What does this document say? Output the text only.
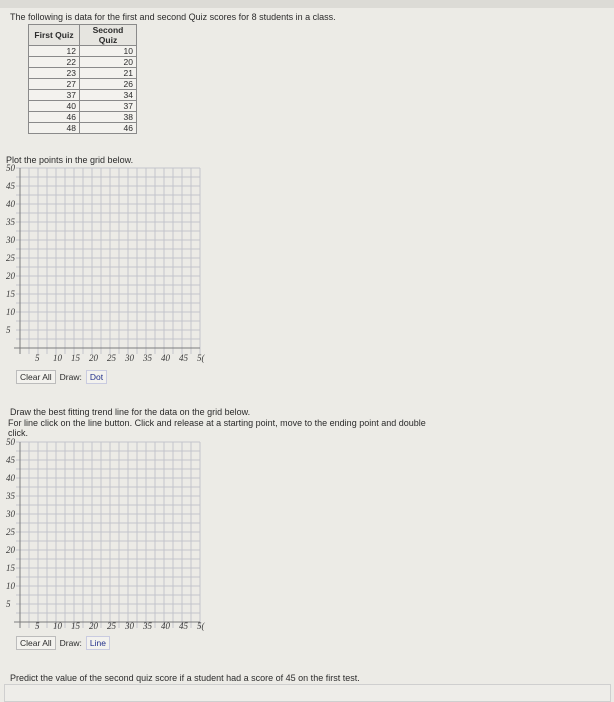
The following is data for the first and second Quiz scores for 8 students in a class.
First Quiz	Second Quiz
12	10
22	20
23	21
27	26
37	34
40	37
46	38
48	46
Plot the points in the grid below.
50
45
40
35
30
25
20
15
10
5
5 10 15 20 25 30 35 40 45 5(
Clear All Draw: Dot
Draw the best fitting trend line for the data on the grid below.
For line click on the line button. Click and release at a starting point, move to the ending point and double
click.
50
45
40
35
30
25
20
15
10
5
5 10 15 20 25 30 35 40 45 5(
Clear All Draw: Line
Predict the value of the second quiz score if a student had a score of 45 on the first test.
